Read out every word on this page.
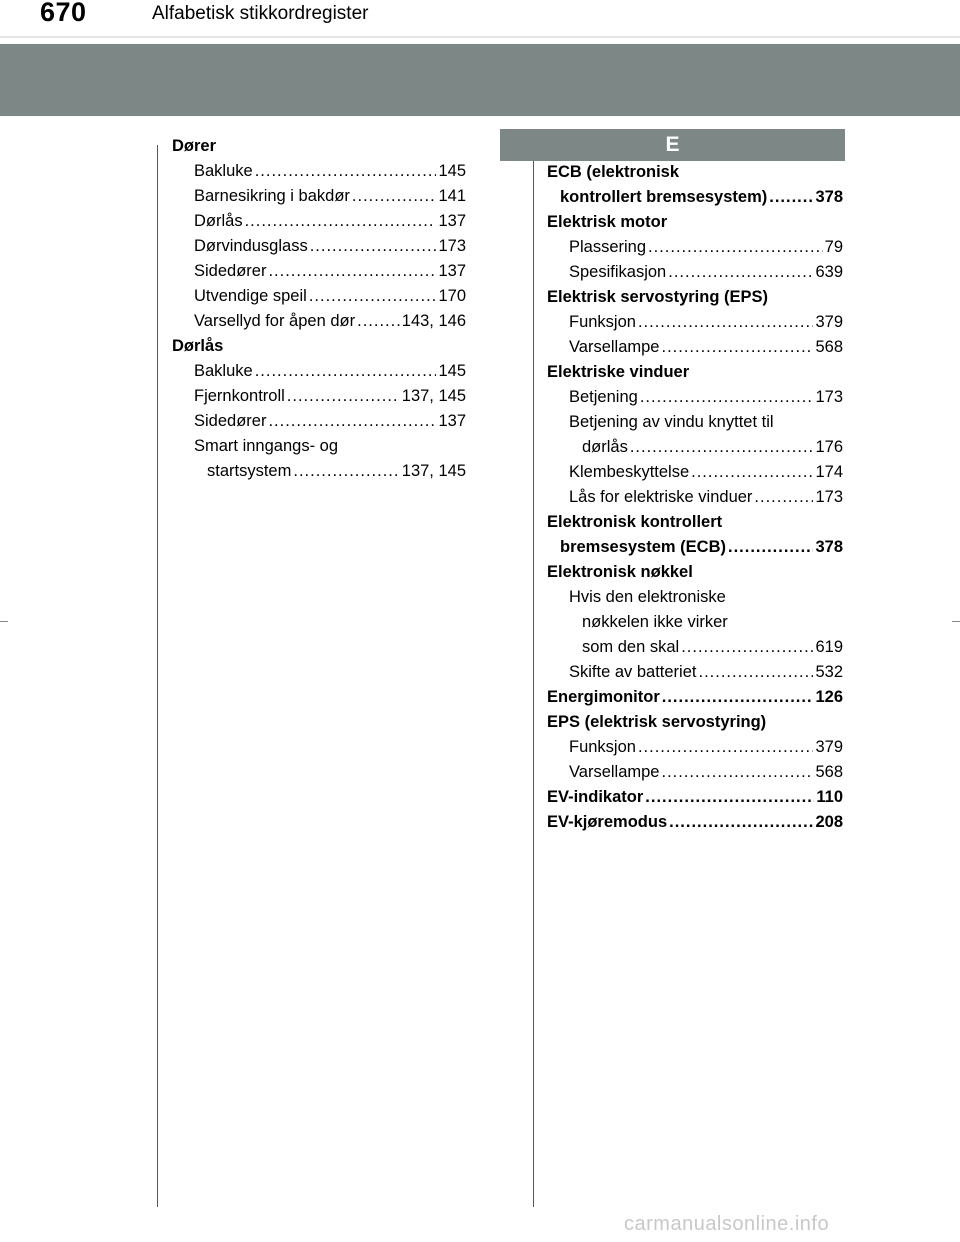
670	Alfabetisk stikkordregister
E
Dører
Bakluke .....	145
Barnesikring i bakdør .....	141
Dørlås .....	137
Dørvindusglass .....	173
Sidedører .....	137
Utvendige speil .....	170
Varsellyd for åpen dør .....	143, 146
Dørlås
Bakluke .....	145
Fjernkontroll .....	137, 145
Sidedører .....	137
Smart inngangs- og
startsystem .....	137, 145
ECB (elektronisk
kontrollert bremsesystem) .....	378
Elektrisk motor
Plassering .....	79
Spesifikasjon .....	639
Elektrisk servostyring (EPS)
Funksjon .....	379
Varsellampe .....	568
Elektriske vinduer
Betjening .....	173
Betjening av vindu knyttet til
dørlås .....	176
Klembeskyttelse .....	174
Lås for elektriske vinduer .....	173
Elektronisk kontrollert
bremsesystem (ECB) .....	378
Elektronisk nøkkel
Hvis den elektroniske
nøkkelen ikke virker
som den skal .....	619
Skifte av batteriet .....	532
Energimonitor .....	126
EPS (elektrisk servostyring)
Funksjon .....	379
Varsellampe .....	568
EV-indikator .....	110
EV-kjøremodus .....	208
carmanualsonline.info
